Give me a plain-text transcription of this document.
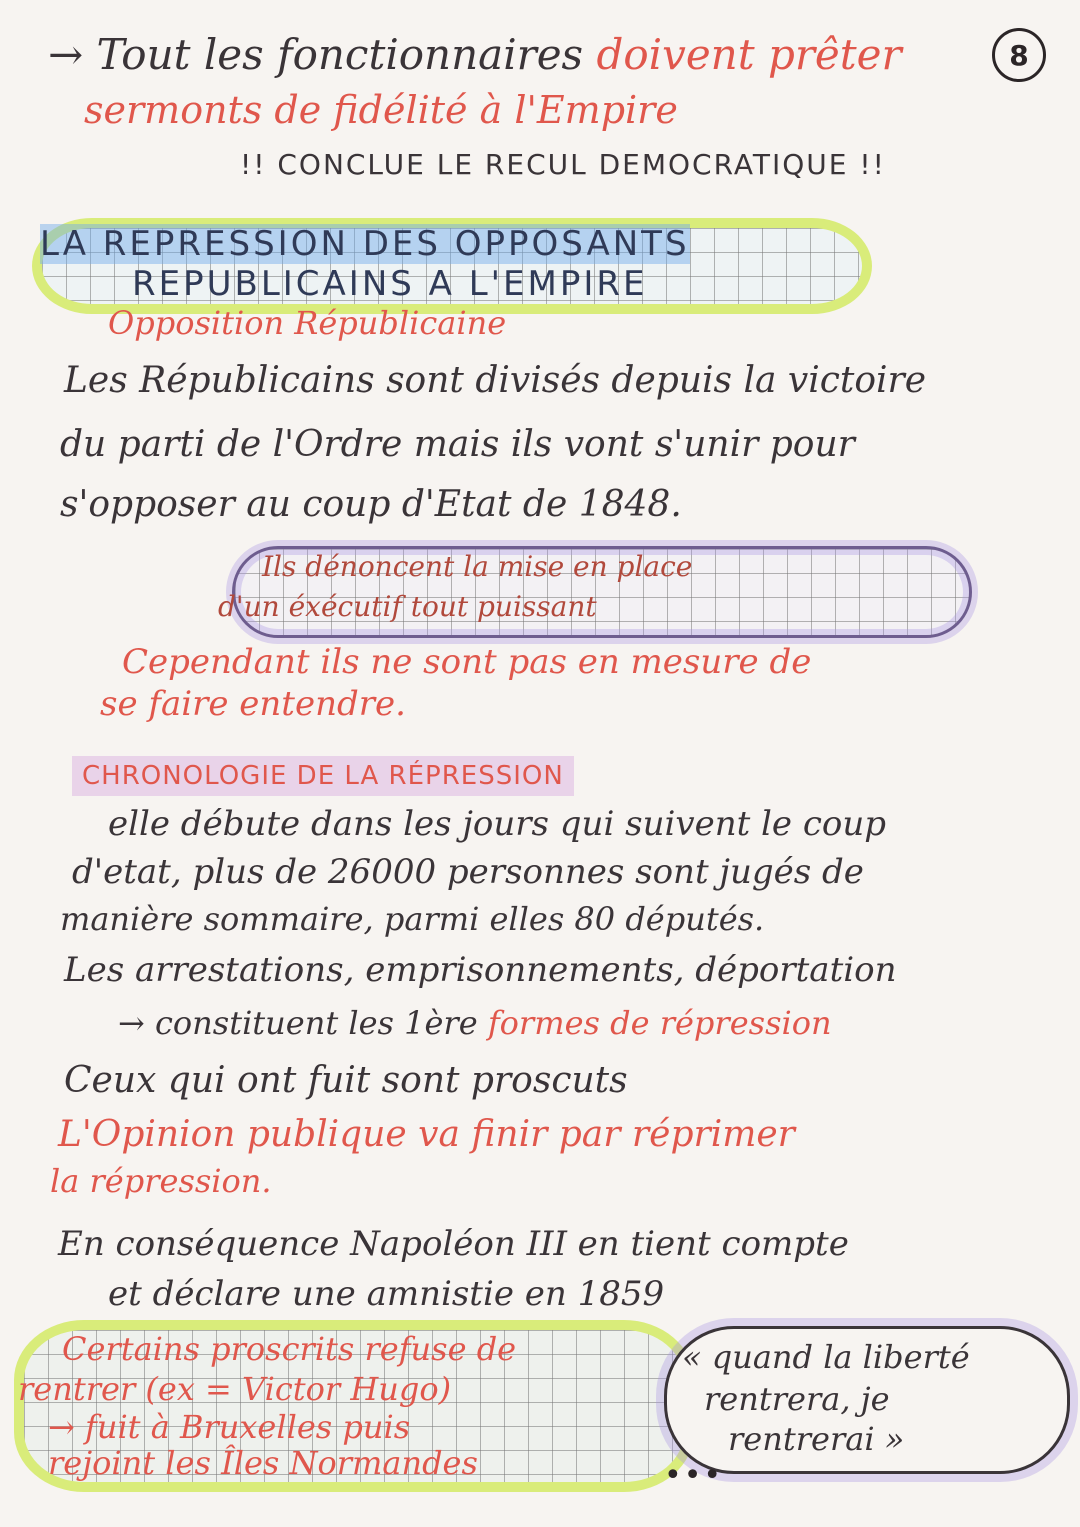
8
→ Tout les fonctionnaires doivent prêter
sermonts de fidélité à l'Empire
!! CONCLUE LE RECUL DEMOCRATIQUE !!
LA REPRESSION DES OPPOSANTS
REPUBLICAINS A L'EMPIRE
Opposition Républicaine
Les Républicains sont divisés depuis la victoire
du parti de l'Ordre mais ils vont s'unir pour
s'opposer au coup d'Etat de 1848.
Ils dénoncent la mise en place
d'un éxécutif tout puissant
Cependant ils ne sont pas en mesure de
se faire entendre.
CHRONOLOGIE DE LA RÉPRESSION
elle débute dans les jours qui suivent le coup
d'etat, plus de 26000 personnes sont jugés de
manière sommaire, parmi elles 80 députés.
Les arrestations, emprisonnements, déportation
→ constituent les 1ère formes de répression
Ceux qui ont fuit sont proscuts
L'Opinion publique va finir par réprimer
la répression.
En conséquence Napoléon III en tient compte
et déclare une amnistie en 1859
Certains proscrits refuse de
rentrer (ex = Victor Hugo)
→ fuit à Bruxelles puis
rejoint les Îles Normandes
« quand la liberté
rentrera, je
rentrerai »
•••
